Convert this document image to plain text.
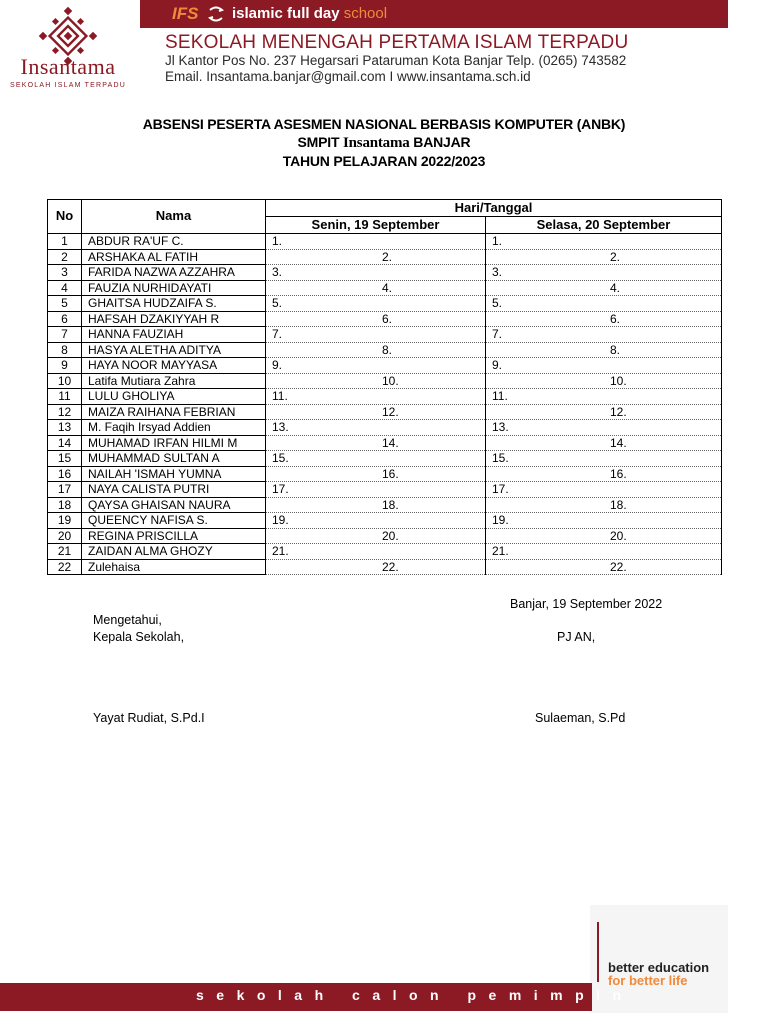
Insantama
SEKOLAH ISLAM TERPADU
IFS islamic full day school
SEKOLAH MENENGAH PERTAMA ISLAM TERPADU
Jl Kantor Pos No. 237 Hegarsari Pataruman Kota Banjar Telp. (0265) 743582
Email. Insantama.banjar@gmail.com I www.insantama.sch.id
ABSENSI PESERTA ASESMEN NASIONAL BERBASIS KOMPUTER (ANBK)
SMPIT Insantama BANJAR
TAHUN PELAJARAN 2022/2023
No	Nama	Hari/Tanggal	
		Senin, 19 September	Selasa, 20 September
1	ABDUR RA'UF C.	1.	1.

2	ARSHAKA AL FATIH	2.	2.

3	FARIDA NAZWA AZZAHRA	3.	3.

4	FAUZIA NURHIDAYATI	4.	4.

5	GHAITSA HUDZAIFA S.	5.	5.

6	HAFSAH DZAKIYYAH R	6.	6.

7	HANNA FAUZIAH	7.	7.

8	HASYA ALETHA ADITYA	8.	8.

9	HAYA NOOR MAYYASA	9.	9.

10	Latifa Mutiara Zahra	10.	10.

11	LULU GHOLIYA	11.	11.

12	MAIZA RAIHANA FEBRIAN	12.	12.

13	M. Faqih Irsyad Addien	13.	13.

14	MUHAMAD IRFAN HILMI M	14.	14.

15	MUHAMMAD SULTAN A	15.	15.

16	NAILAH 'ISMAH YUMNA	16.	16.

17	NAYA CALISTA PUTRI	17.	17.

18	QAYSA GHAISAN NAURA	18.	18.

19	QUEENCY NAFISA S.	19.	19.

20	REGINA PRISCILLA	20.	20.

21	ZAIDAN ALMA GHOZY	21.	21.

22	Zulehaisa	22.	22.
Banjar, 19 September 2022
Mengetahui,
Kepala Sekolah,	PJ AN,
Yayat Rudiat, S.Pd.I	Sulaeman, S.Pd
better education
for better life
sekolah calon pemimpin
